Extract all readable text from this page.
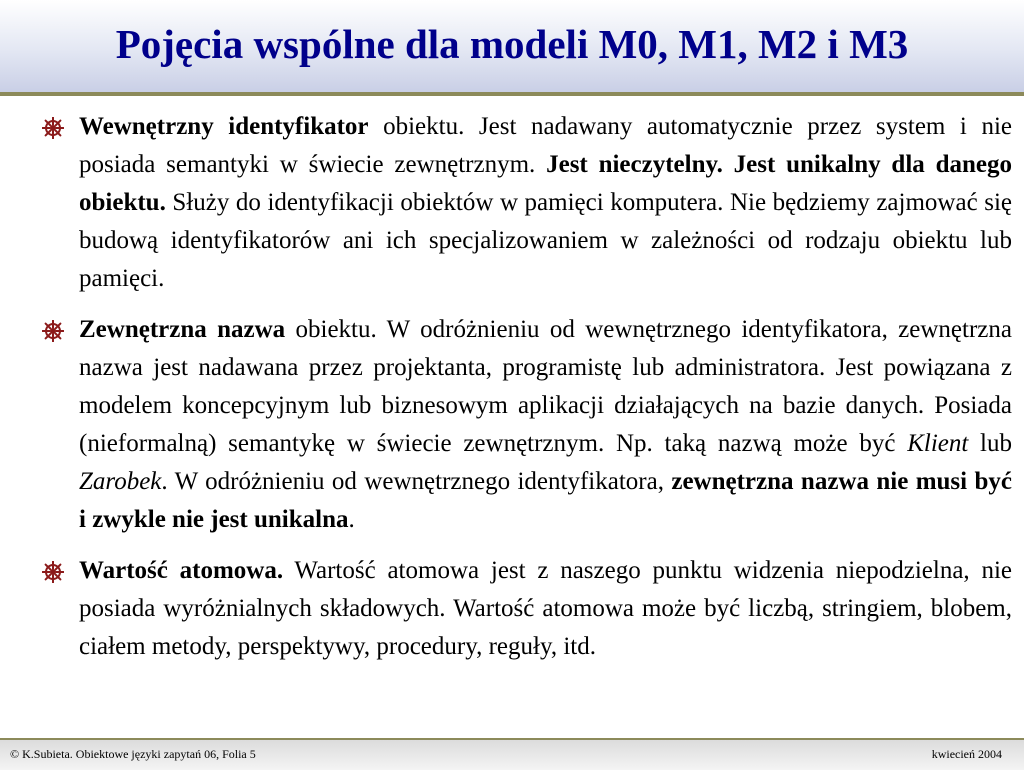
Pojęcia wspólne dla modeli M0, M1, M2 i M3
Wewnętrzny identyfikator obiektu. Jest nadawany automatycznie przez system i nie posiada semantyki w świecie zewnętrznym. Jest nieczytelny. Jest unikalny dla danego obiektu. Służy do identyfikacji obiektów w pamięci komputera. Nie będziemy zajmować się budową identyfikatorów ani ich specjalizowaniem w zależności od rodzaju obiektu lub pamięci.
Zewnętrzna nazwa obiektu. W odróżnieniu od wewnętrznego identyfikatora, zewnętrzna nazwa jest nadawana przez projektanta, programistę lub administratora. Jest powiązana z modelem koncepcyjnym lub biznesowym aplikacji działających na bazie danych. Posiada (nieformalną) semantykę w świecie zewnętrznym. Np. taką nazwą może być Klient lub Zarobek. W odróżnieniu od wewnętrznego identyfikatora, zewnętrzna nazwa nie musi być i zwykle nie jest unikalna.
Wartość atomowa. Wartość atomowa jest z naszego punktu widzenia niepodzielna, nie posiada wyróżnialnych składowych. Wartość atomowa może być liczbą, stringiem, blobem, ciałem metody, perspektywy, procedury, reguły, itd.
© K.Subieta. Obiektowe języki zapytań 06, Folia 5	kwiecień 2004
